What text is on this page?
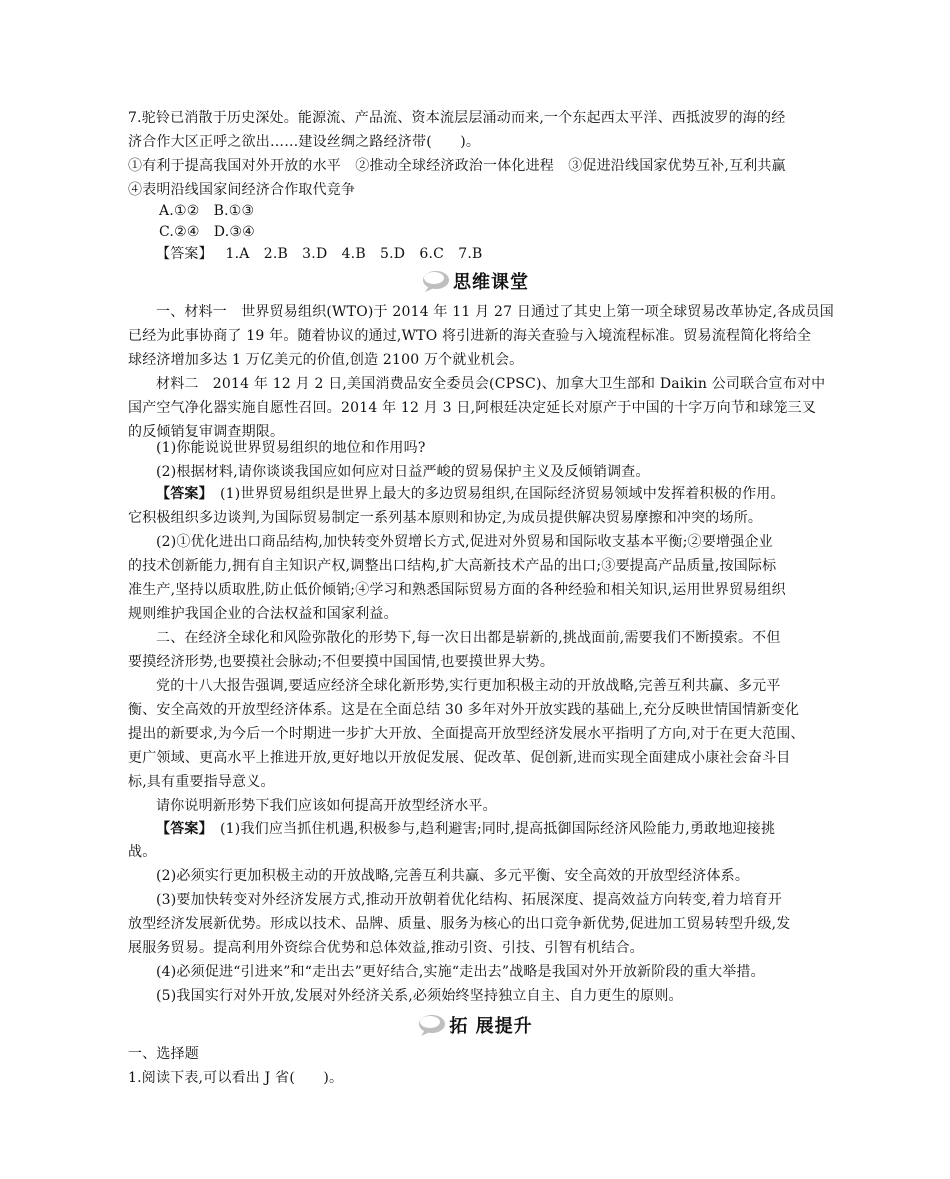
7.驼铃已消散于历史深处。能源流、产品流、资本流层层涌动而来,一个东起西太平洋、西抵波罗的海的经
济合作大区正呼之欲出……建设丝绸之路经济带(　　)。
①有利于提高我国对外开放的水平　②推动全球经济政治一体化进程　③促进沿线国家优势互补,互利共赢
④表明沿线国家间经济合作取代竞争
A.①②　B.①③
C.②④　D.③④
【答案】 1.A　2.B　3.D　4.B　5.D　6.C　7.B
思维课堂
一、材料一　世界贸易组织(WTO)于 2014 年 11 月 27 日通过了其史上第一项全球贸易改革协定,各成员国
已经为此事协商了 19 年。随着协议的通过,WTO 将引进新的海关查验与入境流程标准。贸易流程简化将给全
球经济增加多达 1 万亿美元的价值,创造 2100 万个就业机会。
材料二　2014 年 12 月 2 日,美国消费品安全委员会(CPSC)、加拿大卫生部和 Daikin 公司联合宣布对中
国产空气净化器实施自愿性召回。2014 年 12 月 3 日,阿根廷决定延长对原产于中国的十字万向节和球笼三叉
的反倾销复审调查期限。
(1)你能说说世界贸易组织的地位和作用吗?
(2)根据材料,请你谈谈我国应如何应对日益严峻的贸易保护主义及反倾销调查。
【答案】　(1)世界贸易组织是世界上最大的多边贸易组织,在国际经济贸易领域中发挥着积极的作用。
它积极组织多边谈判,为国际贸易制定一系列基本原则和协定,为成员提供解决贸易摩擦和冲突的场所。
(2)①优化进出口商品结构,加快转变外贸增长方式,促进对外贸易和国际收支基本平衡;②要增强企业
的技术创新能力,拥有自主知识产权,调整出口结构,扩大高新技术产品的出口;③要提高产品质量,按国际标
准生产,坚持以质取胜,防止低价倾销;④学习和熟悉国际贸易方面的各种经验和相关知识,运用世界贸易组织
规则维护我国企业的合法权益和国家利益。
二、在经济全球化和风险弥散化的形势下,每一次日出都是崭新的,挑战面前,需要我们不断摸索。不但
要摸经济形势,也要摸社会脉动;不但要摸中国国情,也要摸世界大势。
党的十八大报告强调,要适应经济全球化新形势,实行更加积极主动的开放战略,完善互利共赢、多元平
衡、安全高效的开放型经济体系。这是在全面总结 30 多年对外开放实践的基础上,充分反映世情国情新变化
提出的新要求,为今后一个时期进一步扩大开放、全面提高开放型经济发展水平指明了方向,对于在更大范围、
更广领域、更高水平上推进开放,更好地以开放促发展、促改革、促创新,进而实现全面建成小康社会奋斗目
标,具有重要指导意义。
请你说明新形势下我们应该如何提高开放型经济水平。
【答案】　(1)我们应当抓住机遇,积极参与,趋利避害;同时,提高抵御国际经济风险能力,勇敢地迎接挑
战。
(2)必须实行更加积极主动的开放战略,完善互利共赢、多元平衡、安全高效的开放型经济体系。
(3)要加快转变对外经济发展方式,推动开放朝着优化结构、拓展深度、提高效益方向转变,着力培育开
放型经济发展新优势。形成以技术、品牌、质量、服务为核心的出口竞争新优势,促进加工贸易转型升级,发
展服务贸易。提高利用外资综合优势和总体效益,推动引资、引技、引智有机结合。
(4)必须促进“引进来”和“走出去”更好结合,实施“走出去”战略是我国对外开放新阶段的重大举措。
(5)我国实行对外开放,发展对外经济关系,必须始终坚持独立自主、自力更生的原则。
拓 展提升
一、选择题
1.阅读下表,可以看出 J 省(　　)。
